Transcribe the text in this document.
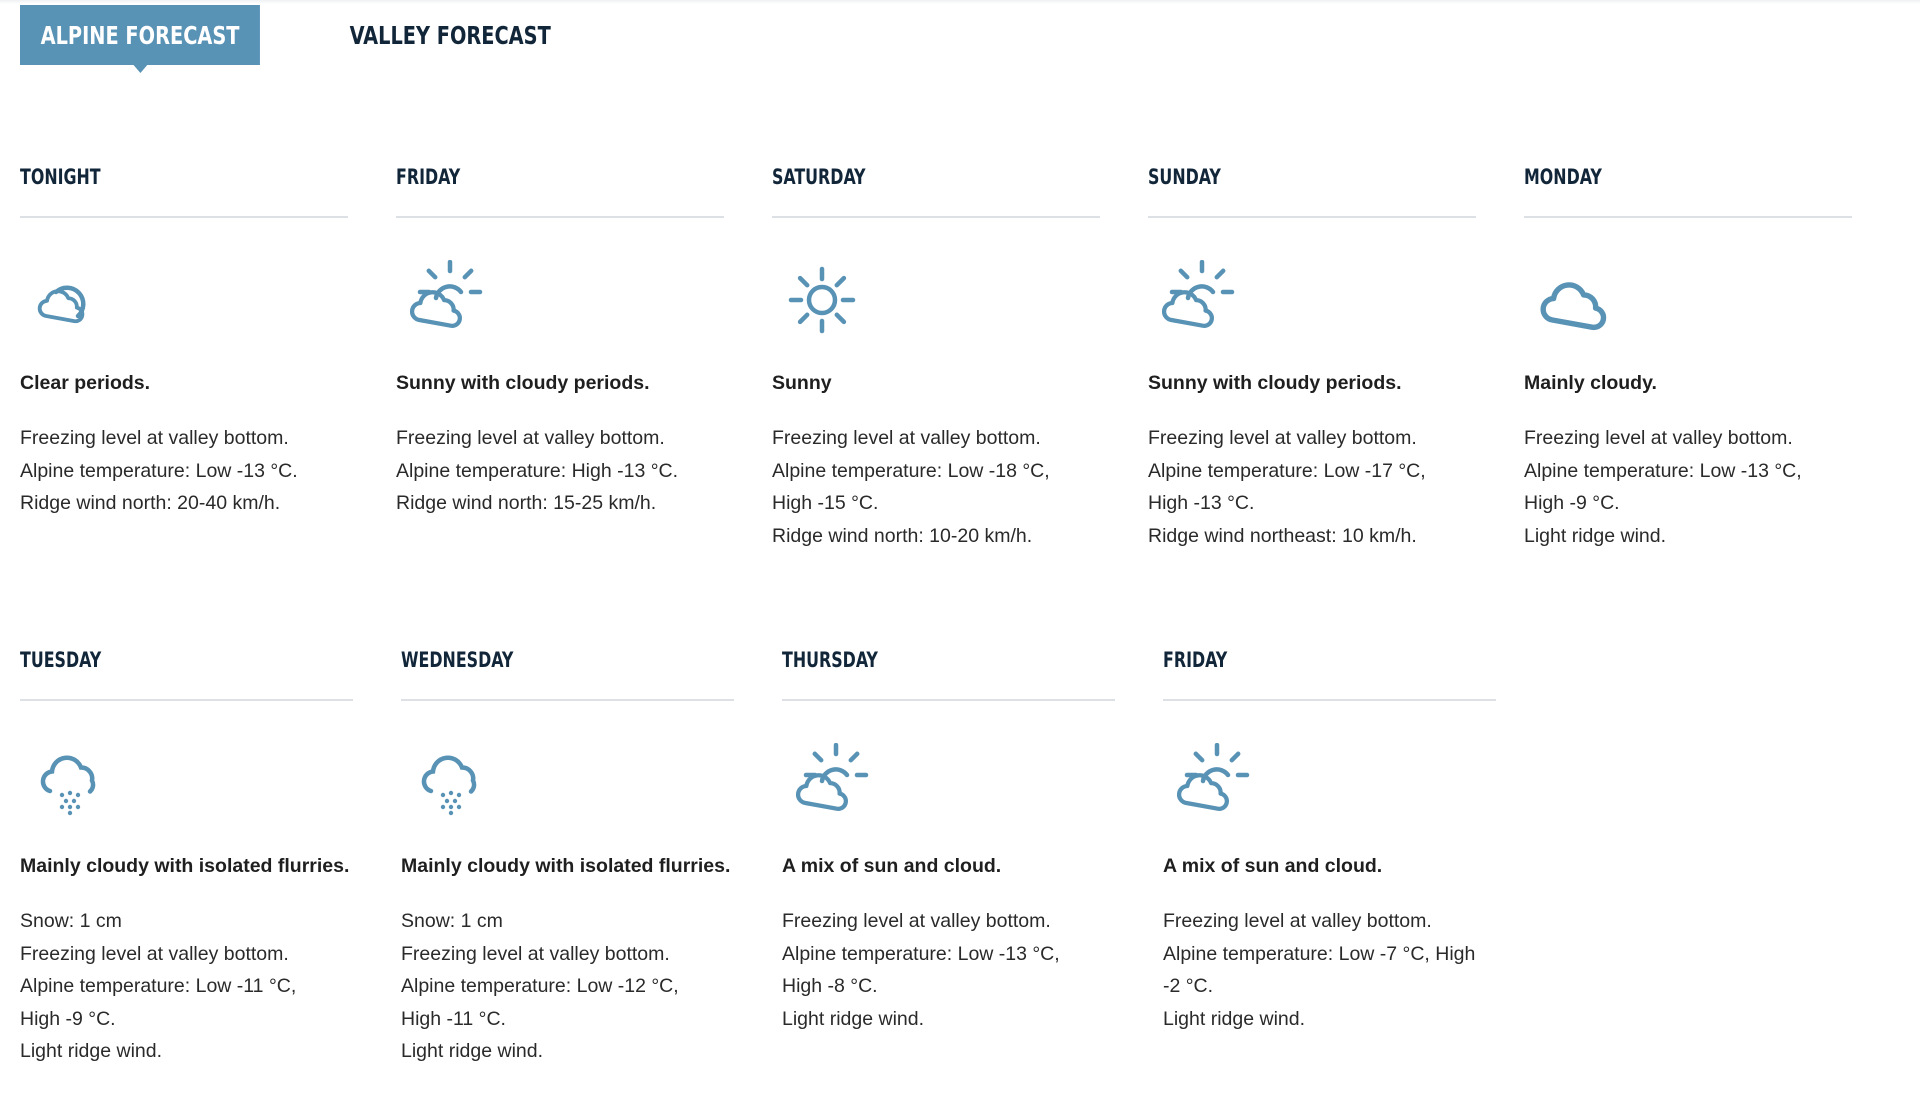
ALPINE FORECAST	VALLEY FORECAST
TONIGHT
Clear periods.
Freezing level at valley bottom.
Alpine temperature: Low -13 °C.
Ridge wind north: 20-40 km/h.
FRIDAY
Sunny with cloudy periods.
Freezing level at valley bottom.
Alpine temperature: High -13 °C.
Ridge wind north: 15-25 km/h.
SATURDAY
Sunny
Freezing level at valley bottom.
Alpine temperature: Low -18 °C,
High -15 °C.
Ridge wind north: 10-20 km/h.
SUNDAY
Sunny with cloudy periods.
Freezing level at valley bottom.
Alpine temperature: Low -17 °C,
High -13 °C.
Ridge wind northeast: 10 km/h.
MONDAY
Mainly cloudy.
Freezing level at valley bottom.
Alpine temperature: Low -13 °C,
High -9 °C.
Light ridge wind.
TUESDAY
Mainly cloudy with isolated flurries.
Snow: 1 cm
Freezing level at valley bottom.
Alpine temperature: Low -11 °C,
High -9 °C.
Light ridge wind.
WEDNESDAY
Mainly cloudy with isolated flurries.
Snow: 1 cm
Freezing level at valley bottom.
Alpine temperature: Low -12 °C,
High -11 °C.
Light ridge wind.
THURSDAY
A mix of sun and cloud.
Freezing level at valley bottom.
Alpine temperature: Low -13 °C,
High -8 °C.
Light ridge wind.
FRIDAY
A mix of sun and cloud.
Freezing level at valley bottom.
Alpine temperature: Low -7 °C, High
-2 °C.
Light ridge wind.
